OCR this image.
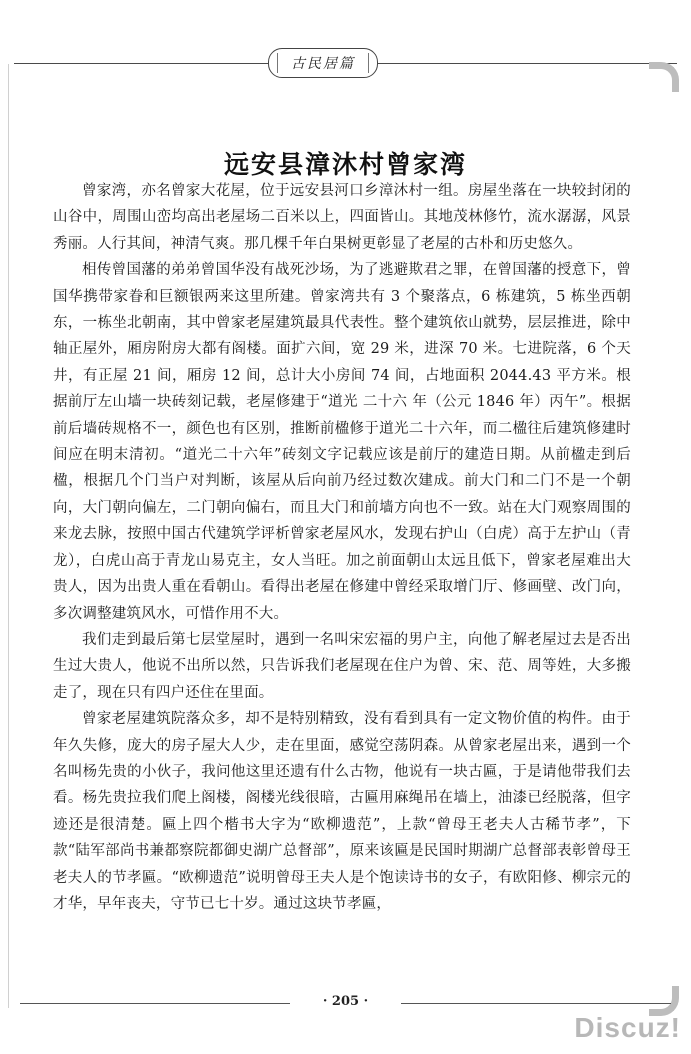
古民居篇
远安县漳沐村曾家湾

曾家湾，亦名曾家大花屋，位于远安县河口乡漳沐村一组。房屋坐落在一块较封闭的山谷中，周围山峦均高出老屋场二百米以上，四面皆山。其地茂林修竹，流水潺潺，风景秀丽。人行其间，神清气爽。那几棵千年白果树更彰显了老屋的古朴和历史悠久。

相传曾国藩的弟弟曾国华没有战死沙场，为了逃避欺君之罪，在曾国藩的授意下，曾国华携带家眷和巨额银两来这里所建。曾家湾共有 3 个聚落点，6 栋建筑，5 栋坐西朝东，一栋坐北朝南，其中曾家老屋建筑最具代表性。整个建筑依山就势，层层推进，除中轴正屋外，厢房附房大都有阁楼。面扩六间，宽 29 米，进深 70 米。七进院落，6 个天井，有正屋 21 间，厢房 12 间，总计大小房间 74 间，占地面积 2044.43 平方米。根据前厅左山墙一块砖刻记载，老屋修建于“道光 二十六 年（公元 1846 年）丙午”。根据前后墙砖规格不一，颜色也有区别，推断前楹修于道光二十六年，而二楹往后建筑修建时间应在明末清初。“道光二十六年”砖刻文字记载应该是前厅的建造日期。从前楹走到后楹，根据几个门当户对判断，该屋从后向前乃经过数次建成。前大门和二门不是一个朝向，大门朝向偏左，二门朝向偏右，而且大门和前墙方向也不一致。站在大门观察周围的来龙去脉，按照中国古代建筑学评析曾家老屋风水，发现右护山（白虎）高于左护山（青龙），白虎山高于青龙山易克主，女人当旺。加之前面朝山太远且低下，曾家老屋难出大贵人，因为出贵人重在看朝山。看得出老屋在修建中曾经采取增门厅、修画壁、改门向，多次调整建筑风水，可惜作用不大。

我们走到最后第七层堂屋时，遇到一名叫宋宏福的男户主，向他了解老屋过去是否出生过大贵人，他说不出所以然，只告诉我们老屋现在住户为曾、宋、范、周等姓，大多搬走了，现在只有四户还住在里面。

曾家老屋建筑院落众多，却不是特别精致，没有看到具有一定文物价值的构件。由于年久失修，庞大的房子屋大人少，走在里面，感觉空荡阴森。从曾家老屋出来，遇到一个名叫杨先贵的小伙子，我问他这里还遗有什么古物，他说有一块古匾，于是请他带我们去看。杨先贵拉我们爬上阁楼，阁楼光线很暗，古匾用麻绳吊在墙上，油漆已经脱落，但字迹还是很清楚。匾上四个楷书大字为“欧柳遗范”，上款“曾母王老夫人古稀节孝”，下款“陆军部尚书兼都察院都御史湖广总督部”，原来该匾是民国时期湖广总督部表彰曾母王老夫人的节孝匾。“欧柳遗范”说明曾母王夫人是个饱读诗书的女子，有欧阳修、柳宗元的才华，早年丧夫，守节已七十岁。通过这块节孝匾，

· 205 ·
Discuz!
